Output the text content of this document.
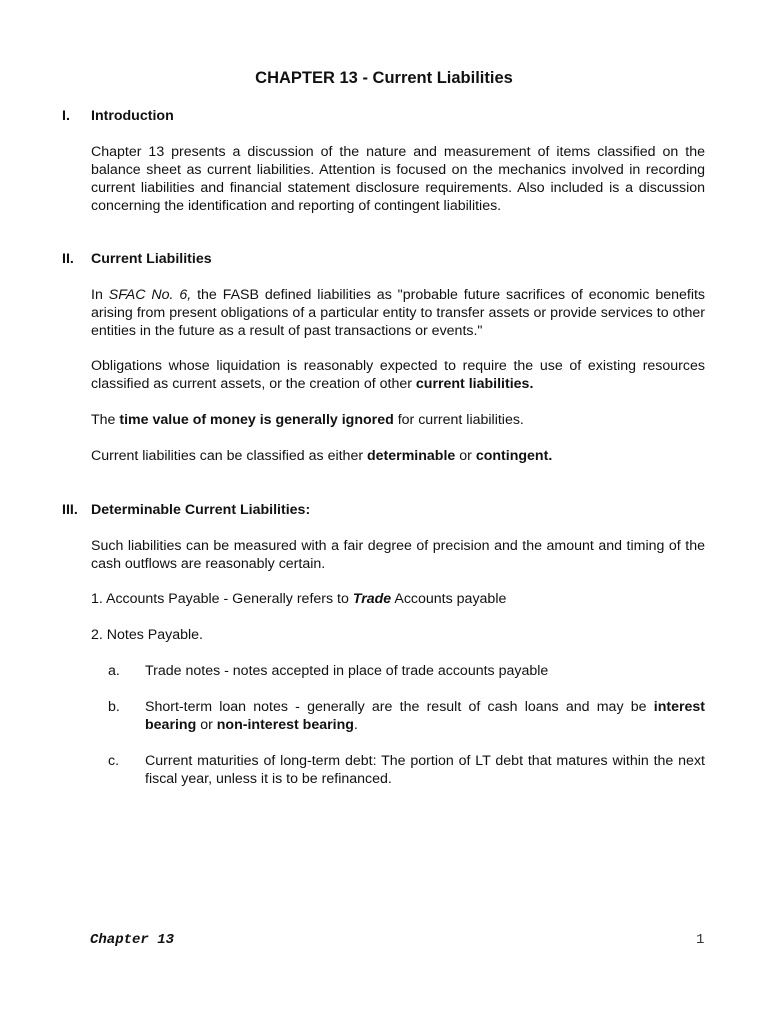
CHAPTER 13 - Current Liabilities
I. Introduction
Chapter 13 presents a discussion of the nature and measurement of items classified on the balance sheet as current liabilities. Attention is focused on the mechanics involved in recording current liabilities and financial statement disclosure requirements. Also included is a discussion concerning the identification and reporting of contingent liabilities.
II. Current Liabilities
In SFAC No. 6, the FASB defined liabilities as "probable future sacrifices of economic benefits arising from present obligations of a particular entity to transfer assets or provide services to other entities in the future as a result of past transactions or events."
Obligations whose liquidation is reasonably expected to require the use of existing resources classified as current assets, or the creation of other current liabilities.
The time value of money is generally ignored for current liabilities.
Current liabilities can be classified as either determinable or contingent.
III. Determinable Current Liabilities:
Such liabilities can be measured with a fair degree of precision and the amount and timing of the cash outflows are reasonably certain.
1. Accounts Payable - Generally refers to Trade Accounts payable
2. Notes Payable.
a. Trade notes - notes accepted in place of trade accounts payable
b. Short-term loan notes - generally are the result of cash loans and may be interest bearing or non-interest bearing.
c. Current maturities of long-term debt: The portion of LT debt that matures within the next fiscal year, unless it is to be refinanced.
Chapter 13	1
